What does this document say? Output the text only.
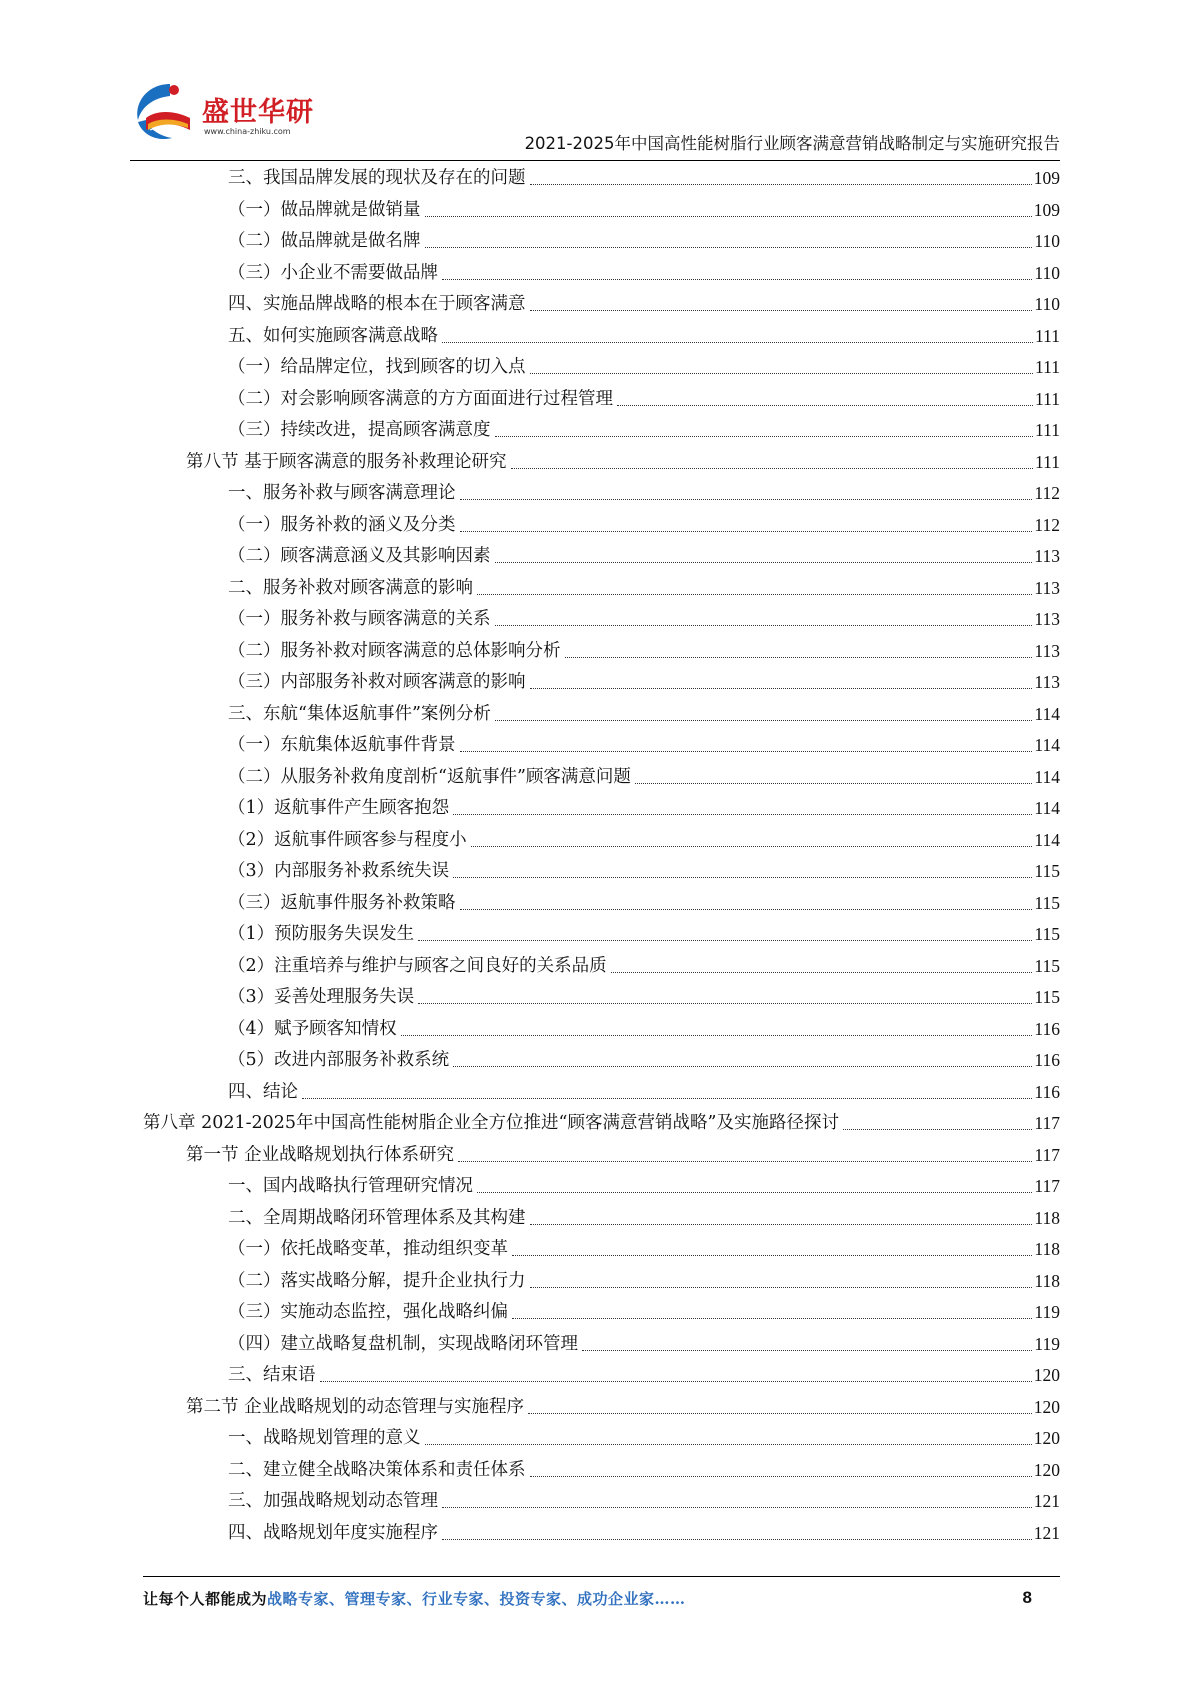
盛世华研
www.china-zhiku.com
2021-2025年中国高性能树脂行业顾客满意营销战略制定与实施研究报告
三、我国品牌发展的现状及存在的问题	109
（一）做品牌就是做销量	109
（二）做品牌就是做名牌	110
（三）小企业不需要做品牌	110
四、实施品牌战略的根本在于顾客满意	110
五、如何实施顾客满意战略	111
（一）给品牌定位，找到顾客的切入点	111
（二）对会影响顾客满意的方方面面进行过程管理	111
（三）持续改进，提高顾客满意度	111
第八节 基于顾客满意的服务补救理论研究	111
一、服务补救与顾客满意理论	112
（一）服务补救的涵义及分类	112
（二）顾客满意涵义及其影响因素	113
二、服务补救对顾客满意的影响	113
（一）服务补救与顾客满意的关系	113
（二）服务补救对顾客满意的总体影响分析	113
（三）内部服务补救对顾客满意的影响	113
三、东航“集体返航事件”案例分析	114
（一）东航集体返航事件背景	114
（二）从服务补救角度剖析“返航事件”顾客满意问题	114
（1）返航事件产生顾客抱怨	114
（2）返航事件顾客参与程度小	114
（3）内部服务补救系统失误	115
（三）返航事件服务补救策略	115
（1）预防服务失误发生	115
（2）注重培养与维护与顾客之间良好的关系品质	115
（3）妥善处理服务失误	115
（4）赋予顾客知情权	116
（5）改进内部服务补救系统	116
四、结论	116
第八章 2021-2025年中国高性能树脂企业全方位推进“顾客满意营销战略”及实施路径探讨	117
第一节 企业战略规划执行体系研究	117
一、国内战略执行管理研究情况	117
二、全周期战略闭环管理体系及其构建	118
（一）依托战略变革，推动组织变革	118
（二）落实战略分解，提升企业执行力	118
（三）实施动态监控，强化战略纠偏	119
（四）建立战略复盘机制，实现战略闭环管理	119
三、结束语	120
第二节 企业战略规划的动态管理与实施程序	120
一、战略规划管理的意义	120
二、建立健全战略决策体系和责任体系	120
三、加强战略规划动态管理	121
四、战略规划年度实施程序	121
让每个人都能成为战略专家、管理专家、行业专家、投资专家、成功企业家……	8
